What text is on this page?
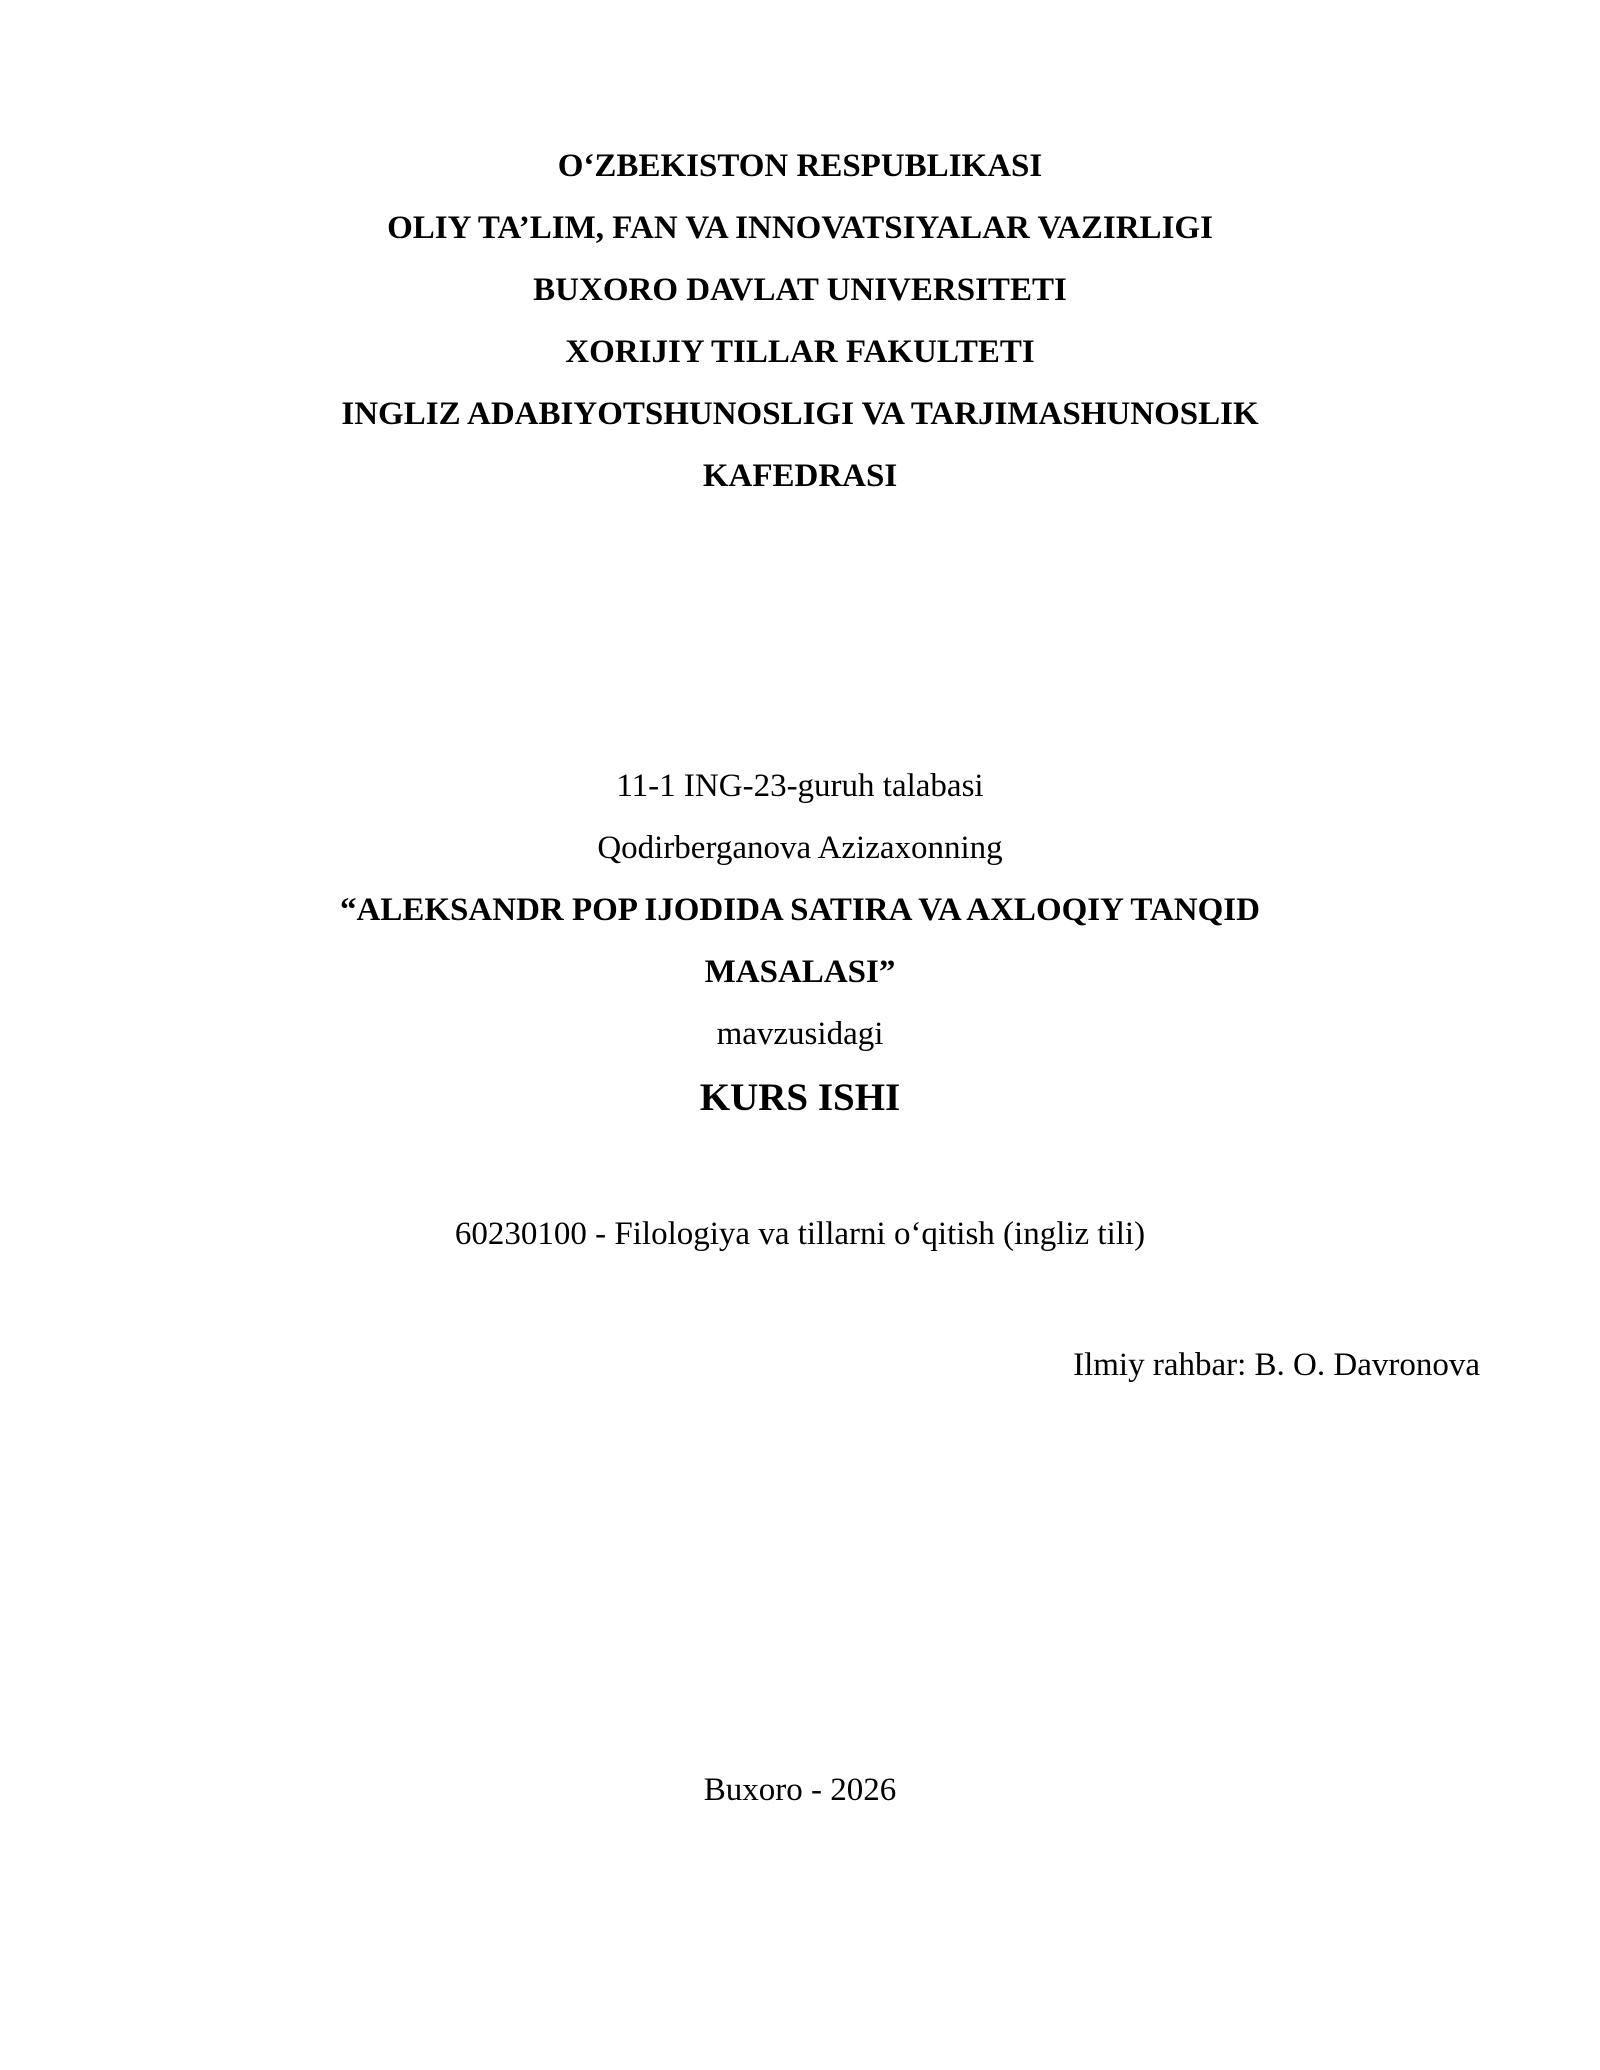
O‘ZBEKISTON RESPUBLIKASI
OLIY TA’LIM, FAN VA INNOVATSIYALAR VAZIRLIGI
BUXORO DAVLAT UNIVERSITETI
XORIJIY TILLAR FAKULTETI
INGLIZ ADABIYOTSHUNOSLIGI VA TARJIMASHUNOSLIK
KAFEDRASI
11-1 ING-23-guruh talabasi
Qodirberganova Azizaxonning
“ALEKSANDR POP IJODIDA SATIRA VA AXLOQIY TANQID
MASALASI”
mavzusidagi
KURS ISHI
60230100 - Filologiya va tillarni o‘qitish (ingliz tili)
Ilmiy rahbar: B. O. Davronova
Buxoro - 2026
